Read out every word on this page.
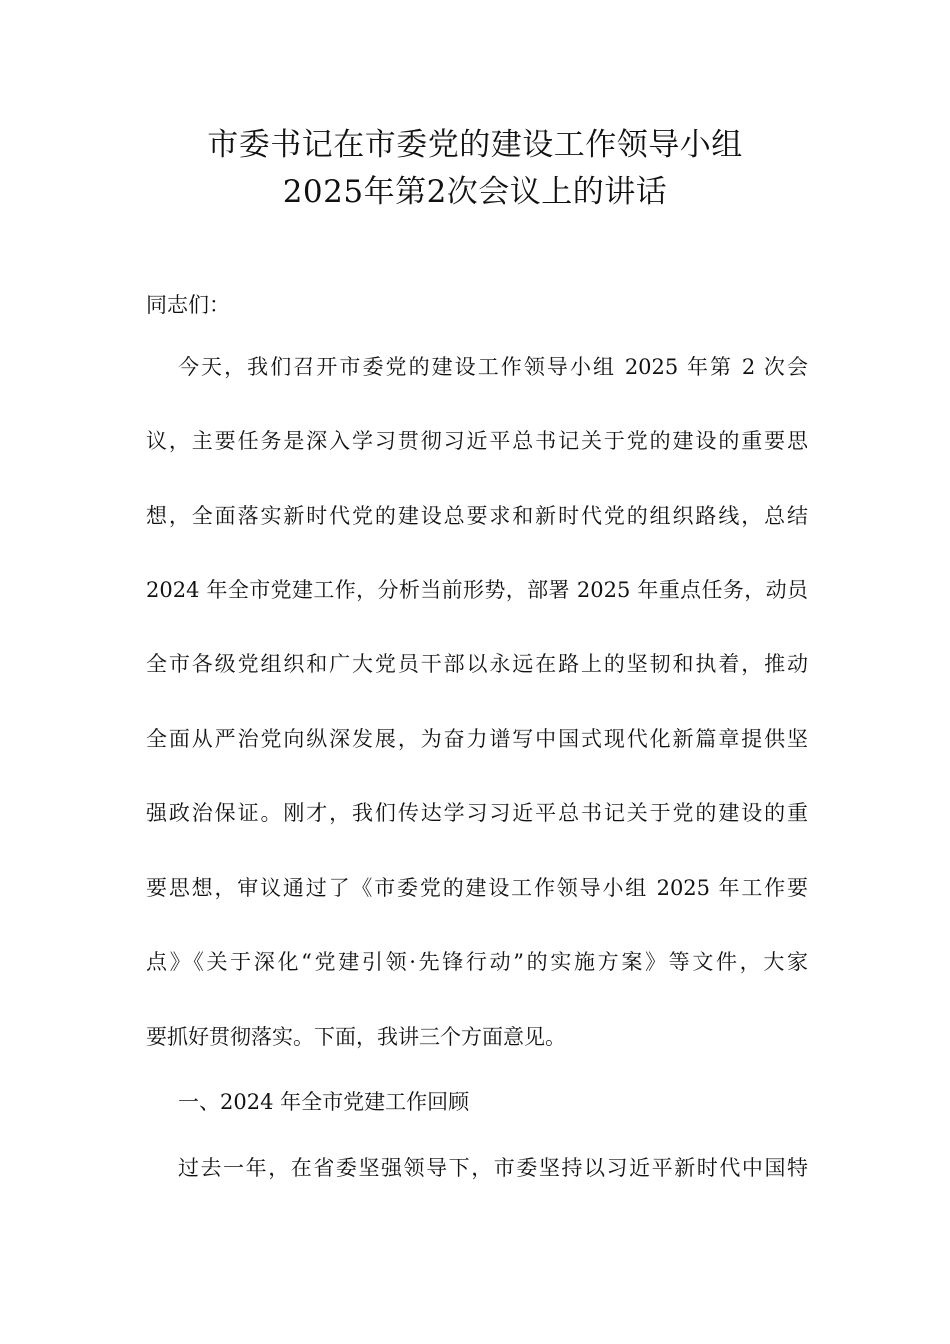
市委书记在市委党的建设工作领导小组
2025年第2次会议上的讲话
同志们：
今天，我们召开市委党的建设工作领导小组 2025 年第 2 次会
议，主要任务是深入学习贯彻习近平总书记关于党的建设的重要思
想，全面落实新时代党的建设总要求和新时代党的组织路线，总结
2024 年全市党建工作，分析当前形势，部署 2025 年重点任务，动员
全市各级党组织和广大党员干部以永远在路上的坚韧和执着，推动
全面从严治党向纵深发展，为奋力谱写中国式现代化新篇章提供坚
强政治保证。刚才，我们传达学习习近平总书记关于党的建设的重
要思想，审议通过了《市委党的建设工作领导小组 2025 年工作要
点》《关于深化“党建引领·先锋行动”的实施方案》等文件，大家
要抓好贯彻落实。下面，我讲三个方面意见。
一、2024 年全市党建工作回顾
过去一年，在省委坚强领导下，市委坚持以习近平新时代中国特
